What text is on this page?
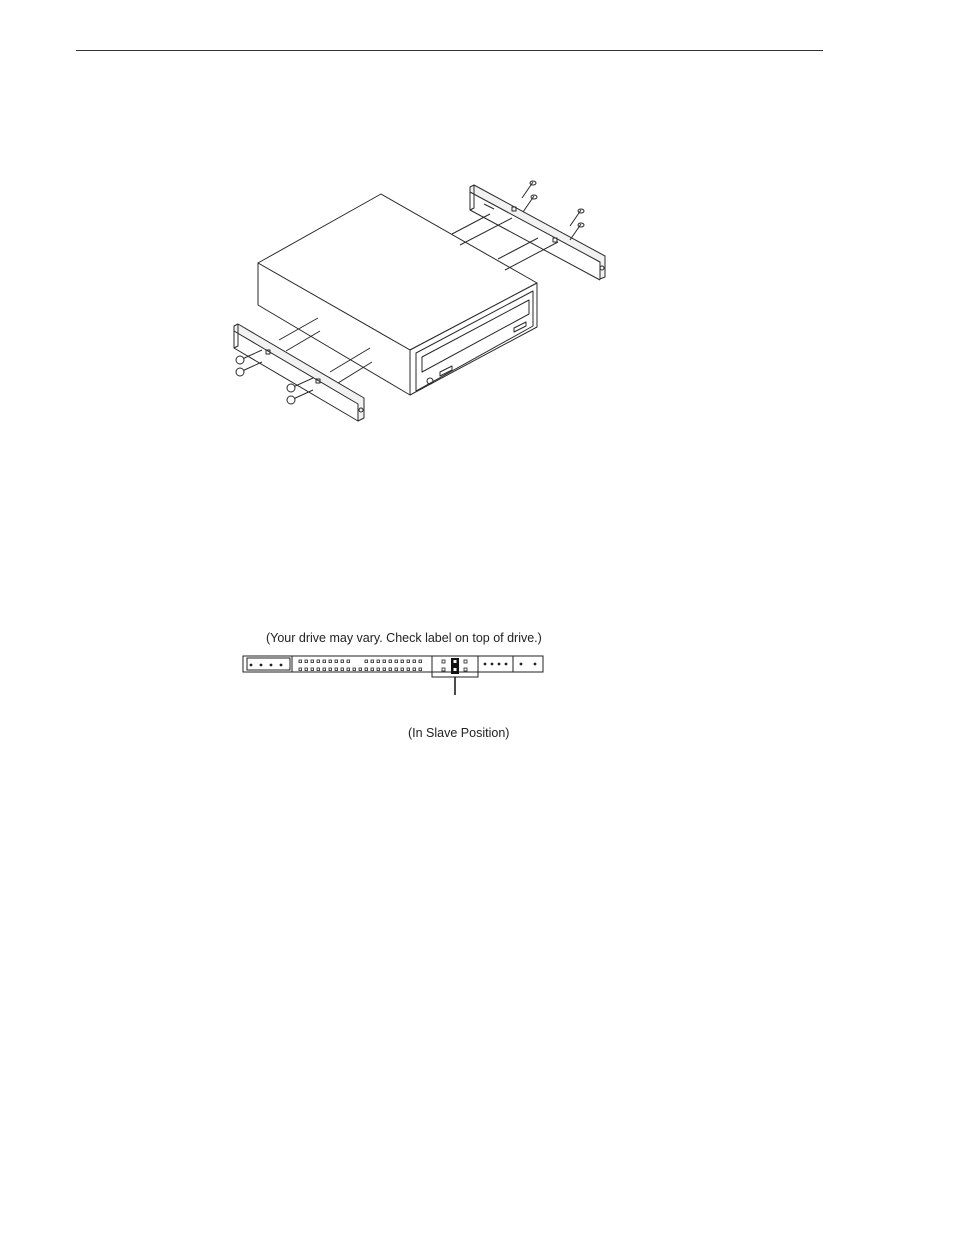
(Your drive may vary. Check label on top of drive.)
(In Slave Position)
